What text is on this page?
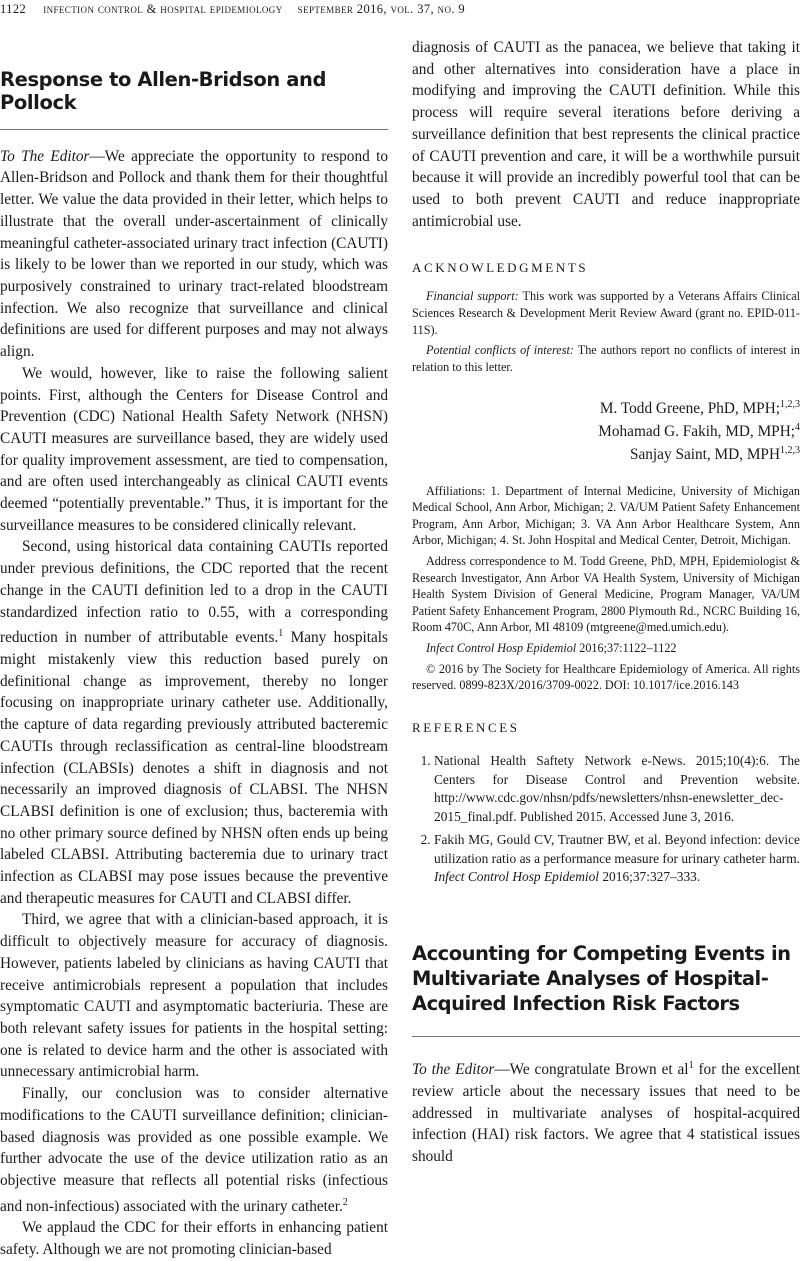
1122 infection control & hospital epidemiology september 2016, vol. 37, no. 9
Response to Allen-Bridson and Pollock

To The Editor—We appreciate the opportunity to respond to Allen-Bridson and Pollock and thank them for their thoughtful letter. We value the data provided in their letter, which helps to illustrate that the overall under-ascertainment of clinically meaningful catheter-associated urinary tract infection (CAUTI) is likely to be lower than we reported in our study, which was purposively constrained to urinary tract-related bloodstream infection. We also recognize that surveillance and clinical definitions are used for different purposes and may not always align.

We would, however, like to raise the following salient points. First, although the Centers for Disease Control and Prevention (CDC) National Health Safety Network (NHSN) CAUTI measures are surveillance based, they are widely used for quality improvement assessment, are tied to compensation, and are often used interchangeably as clinical CAUTI events deemed “potentially preventable.” Thus, it is important for the surveillance measures to be considered clinically relevant.

Second, using historical data containing CAUTIs reported under previous definitions, the CDC reported that the recent change in the CAUTI definition led to a drop in the CAUTI standardized infection ratio to 0.55, with a corresponding reduction in number of attributable events.$^1$ Many hospitals might mistakenly view this reduction based purely on definitional change as improvement, thereby no longer focusing on inappropriate urinary catheter use. Additionally, the capture of data regarding previously attributed bacteremic CAUTIs through reclassification as central-line bloodstream infection (CLABSIs) denotes a shift in diagnosis and not necessarily an improved diagnosis of CLABSI. The NHSN CLABSI definition is one of exclusion; thus, bacteremia with no other primary source defined by NHSN often ends up being labeled CLABSI. Attributing bacteremia due to urinary tract infection as CLABSI may pose issues because the preventive and therapeutic measures for CAUTI and CLABSI differ.

Third, we agree that with a clinician-based approach, it is difficult to objectively measure for accuracy of diagnosis. However, patients labeled by clinicians as having CAUTI that receive antimicrobials represent a population that includes symptomatic CAUTI and asymptomatic bacteriuria. These are both relevant safety issues for patients in the hospital setting: one is related to device harm and the other is associated with unnecessary antimicrobial harm.

Finally, our conclusion was to consider alternative modifications to the CAUTI surveillance definition; clinician-based diagnosis was provided as one possible example. We further advocate the use of the device utilization ratio as an objective measure that reflects all potential risks (infectious and non-infectious) associated with the urinary catheter.$^2$

We applaud the CDC for their efforts in enhancing patient safety. Although we are not promoting clinician-based

diagnosis of CAUTI as the panacea, we believe that taking it and other alternatives into consideration have a place in modifying and improving the CAUTI definition. While this process will require several iterations before deriving a surveillance definition that best represents the clinical practice of CAUTI prevention and care, it will be a worthwhile pursuit because it will provide an incredibly powerful tool that can be used to both prevent CAUTI and reduce inappropriate antimicrobial use.

ACKNOWLEDGMENTS

Financial support: This work was supported by a Veterans Affairs Clinical Sciences Research & Development Merit Review Award (grant no. EPID-011-11S).

Potential conflicts of interest: The authors report no conflicts of interest in relation to this letter.

M. Todd Greene, PhD, MPH;$^{1,2,3}$
Mohamad G. Fakih, MD, MPH;$^4$
Sanjay Saint, MD, MPH$^{1,2,3}$

Affiliations: 1. Department of Internal Medicine, University of Michigan Medical School, Ann Arbor, Michigan; 2. VA/UM Patient Safety Enhancement Program, Ann Arbor, Michigan; 3. VA Ann Arbor Healthcare System, Ann Arbor, Michigan; 4. St. John Hospital and Medical Center, Detroit, Michigan.

Address correspondence to M. Todd Greene, PhD, MPH, Epidemiologist & Research Investigator, Ann Arbor VA Health System, University of Michigan Health System Division of General Medicine, Program Manager, VA/UM Patient Safety Enhancement Program, 2800 Plymouth Rd., NCRC Building 16, Room 470C, Ann Arbor, MI 48109 (mtgreene@med.umich.edu).

Infect Control Hosp Epidemiol 2016;37:1122–1122

© 2016 by The Society for Healthcare Epidemiology of America. All rights reserved. 0899-823X/2016/3709-0022. DOI: 10.1017/ice.2016.143

REFERENCES
1. National Health Saftety Network e-News. 2015;10(4):6. The Centers for Disease Control and Prevention website. http://www.cdc.gov/nhsn/pdfs/newsletters/nhsn-enewsletter_dec-2015_final.pdf. Published 2015. Accessed June 3, 2016.
2. Fakih MG, Gould CV, Trautner BW, et al. Beyond infection: device utilization ratio as a performance measure for urinary catheter harm. Infect Control Hosp Epidemiol 2016;37:327–333.
Accounting for Competing Events in Multivariate Analyses of Hospital-Acquired Infection Risk Factors

To the Editor—We congratulate Brown et $al^1$ for the excellent review article about the necessary issues that need to be addressed in multivariate analyses of hospital-acquired infection (HAI) risk factors. We agree that 4 statistical issues should
